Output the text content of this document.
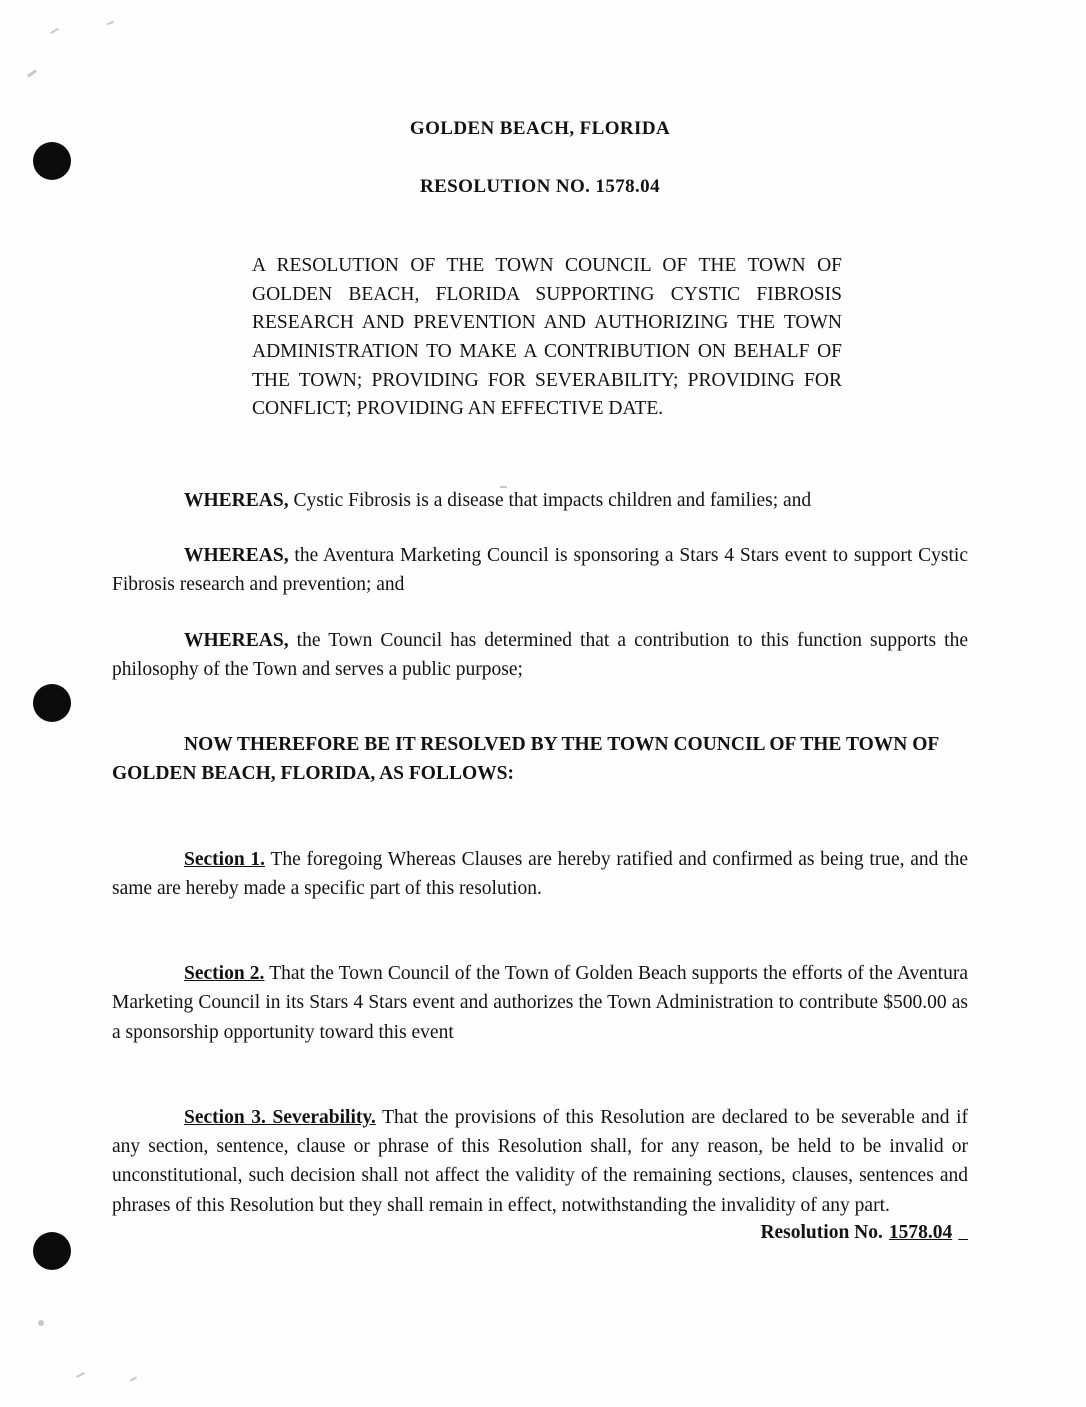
GOLDEN BEACH, FLORIDA

RESOLUTION NO. 1578.04

A RESOLUTION OF THE TOWN COUNCIL OF THE TOWN OF GOLDEN BEACH, FLORIDA SUPPORTING CYSTIC FIBROSIS RESEARCH AND PREVENTION AND AUTHORIZING THE TOWN ADMINISTRATION TO MAKE A CONTRIBUTION ON BEHALF OF THE TOWN; PROVIDING FOR SEVERABILITY; PROVIDING FOR CONFLICT; PROVIDING AN EFFECTIVE DATE.

WHEREAS, Cystic Fibrosis is a disease that impacts children and families; and

WHEREAS, the Aventura Marketing Council is sponsoring a Stars 4 Stars event to support Cystic Fibrosis research and prevention; and

WHEREAS, the Town Council has determined that a contribution to this function supports the philosophy of the Town and serves a public purpose;

NOW THEREFORE BE IT RESOLVED BY THE TOWN COUNCIL OF THE TOWN OF GOLDEN BEACH, FLORIDA, AS FOLLOWS:

Section 1. The foregoing Whereas Clauses are hereby ratified and confirmed as being true, and the same are hereby made a specific part of this resolution.

Section 2. That the Town Council of the Town of Golden Beach supports the efforts of the Aventura Marketing Council in its Stars 4 Stars event and authorizes the Town Administration to contribute $500.00 as a sponsorship opportunity toward this event

Section 3. Severability. That the provisions of this Resolution are declared to be severable and if any section, sentence, clause or phrase of this Resolution shall, for any reason, be held to be invalid or unconstitutional, such decision shall not affect the validity of the remaining sections, clauses, sentences and phrases of this Resolution but they shall remain in effect, notwithstanding the invalidity of any part.

Resolution No. 1578.04
